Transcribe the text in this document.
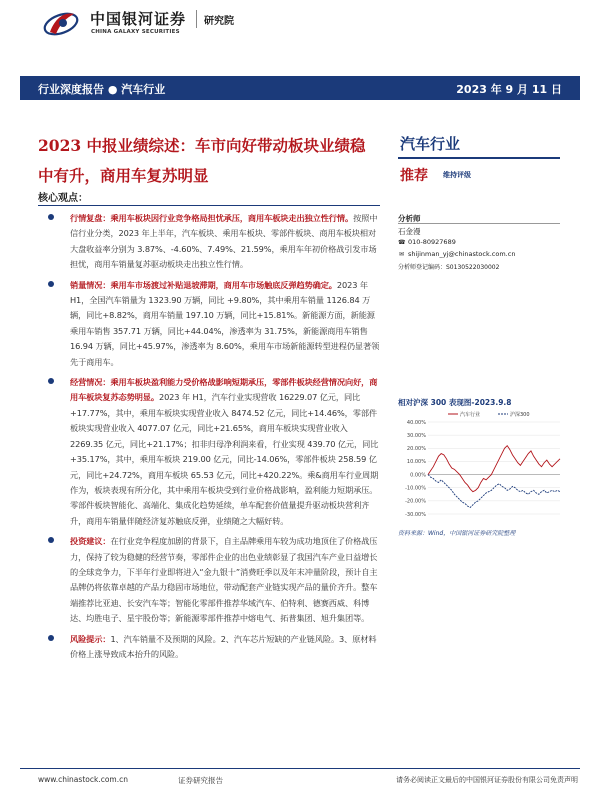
中国银河证券
CHINA GALAXY SECURITIES
研究院
行业深度报告 ● 汽车行业	2023 年 9 月 11 日
2023 中报业绩综述：车市向好带动板块业绩稳
中有升，商用车复苏明显
核心观点：
汽车行业
推荐 维持评级
分析师
石金漫
☎ 010-80927689
✉ shijinman_yj@chinastock.com.cn
分析师登记编码：S0130522030002
相对沪深 300 表现图-2023.9.8
40.00%
30.00%
20.00%
10.00%
0.00%
-10.00%
-20.00%
-30.00%
汽车行业	沪深300
资料来源：Wind，中国银河证券研究院整理
行情复盘：乘用车板块因行业竞争格局担忧承压，商用车板块走出独立性行情。按照中信行业分类，2023 年上半年，汽车板块、乘用车板块、零部件板块、商用车板块相对大盘收益率分别为 3.87%、-4.60%、7.49%、21.59%，乘用车年初价格战引发市场担忧，商用车销量复苏驱动板块走出独立性行情。
销量情况：乘用车市场渡过补贴退坡滞期，商用车市场触底反弹趋势确定。2023 年 H1，全国汽车销量为 1323.90 万辆，同比 +9.80%，其中乘用车销量 1126.84 万辆，同比+8.82%，商用车销量 197.10 万辆，同比+15.81%。新能源方面，新能源乘用车销售 357.71 万辆，同比+44.04%，渗透率为 31.75%，新能源商用车销售 16.94 万辆，同比+45.97%，渗透率为 8.60%，乘用车市场新能源转型进程仍显著领先于商用车。
经营情况：乘用车板块盈利能力受价格战影响短期承压，零部件板块经营情况向好，商用车板块复苏态势明显。2023 年 H1，汽车行业实现营收 16229.07 亿元，同比+17.77%，其中，乘用车板块实现营业收入 8474.52 亿元，同比+14.46%，零部件板块实现营业收入 4077.07 亿元，同比+21.65%，商用车板块实现营业收入 2269.35 亿元，同比+21.17%；扣非归母净利润来看，行业实现 439.70 亿元，同比+35.17%，其中，乘用车板块 219.00 亿元，同比-14.06%，零部件板块 258.59 亿元，同比+24.72%，商用车板块 65.53 亿元，同比+420.22%。乘&商用车行业周期作为，板块表现有所分化，其中乘用车板块受到行业价格战影响，盈利能力短期承压。零部件板块智能化、高端化、集成化趋势延续，单车配套价值量提升驱动板块营利齐升，商用车销量伴随经济复苏触底反弹，业绩随之大幅好转。
投资建议：在行业竞争程度加剧的背景下，自主品牌乘用车较为成功地顶住了价格战压力，保持了较为稳健的经营节奏，零部件企业的出色业绩彰显了我国汽车产业日益增长的全球竞争力，下半年行业即将进入“金九银十”消费旺季以及年末冲量阶段，预计自主品牌仍将依靠卓越的产品力稳固市场地位，带动配套产业链实现产品的量价齐升。整车端推荐比亚迪、长安汽车等；智能化零部件推荐华域汽车、伯特利、德赛西威、科博达、均胜电子、星宇股份等；新能源零部件推荐中熔电气、拓普集团、旭升集团等。
风险提示：1、汽车销量不及预期的风险。2、汽车芯片短缺的产业链风险。3、原材料价格上涨导致成本抬升的风险。
www.chinastock.com.cn	证券研究报告	请务必阅读正文最后的中国银河证券股份有限公司免责声明
